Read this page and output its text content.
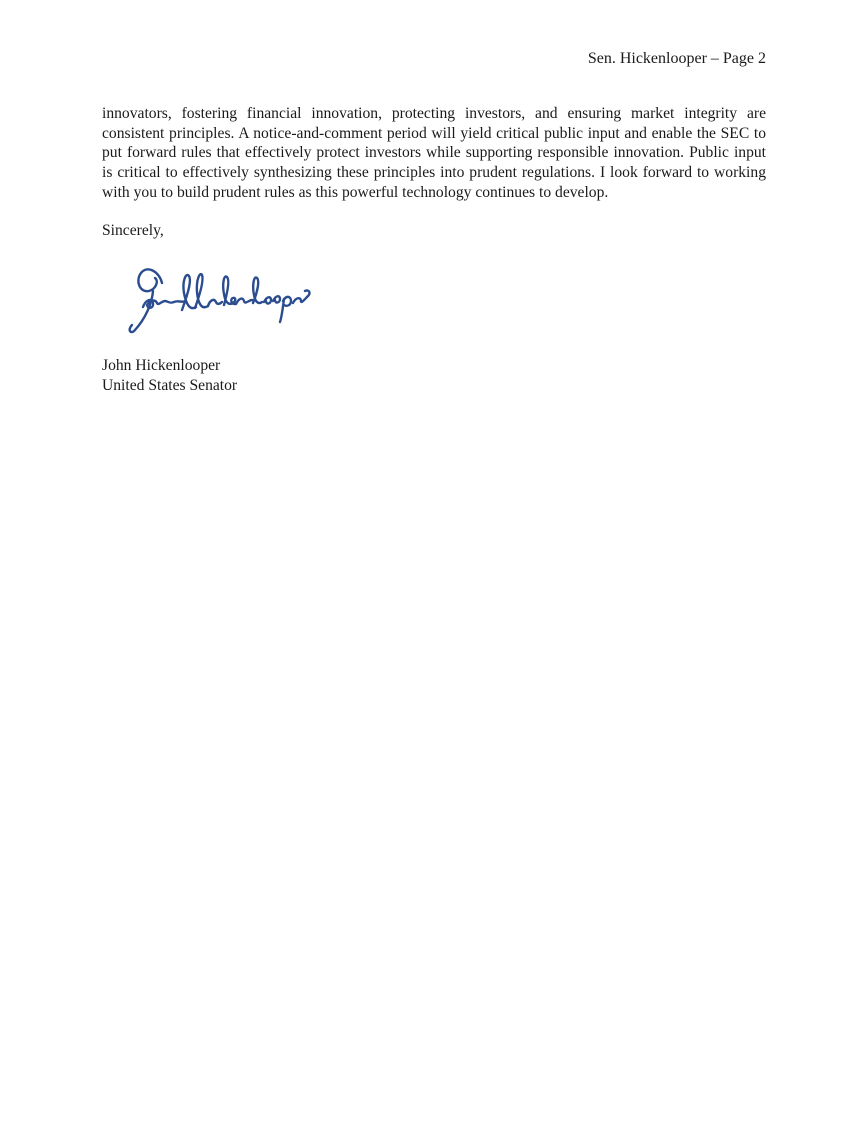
Sen. Hickenlooper – Page 2
innovators, fostering financial innovation, protecting investors, and ensuring market integrity are consistent principles. A notice-and-comment period will yield critical public input and enable the SEC to put forward rules that effectively protect investors while supporting responsible innovation. Public input is critical to effectively synthesizing these principles into prudent regulations. I look forward to working with you to build prudent rules as this powerful technology continues to develop.
Sincerely,
John Hickenlooper
United States Senator
